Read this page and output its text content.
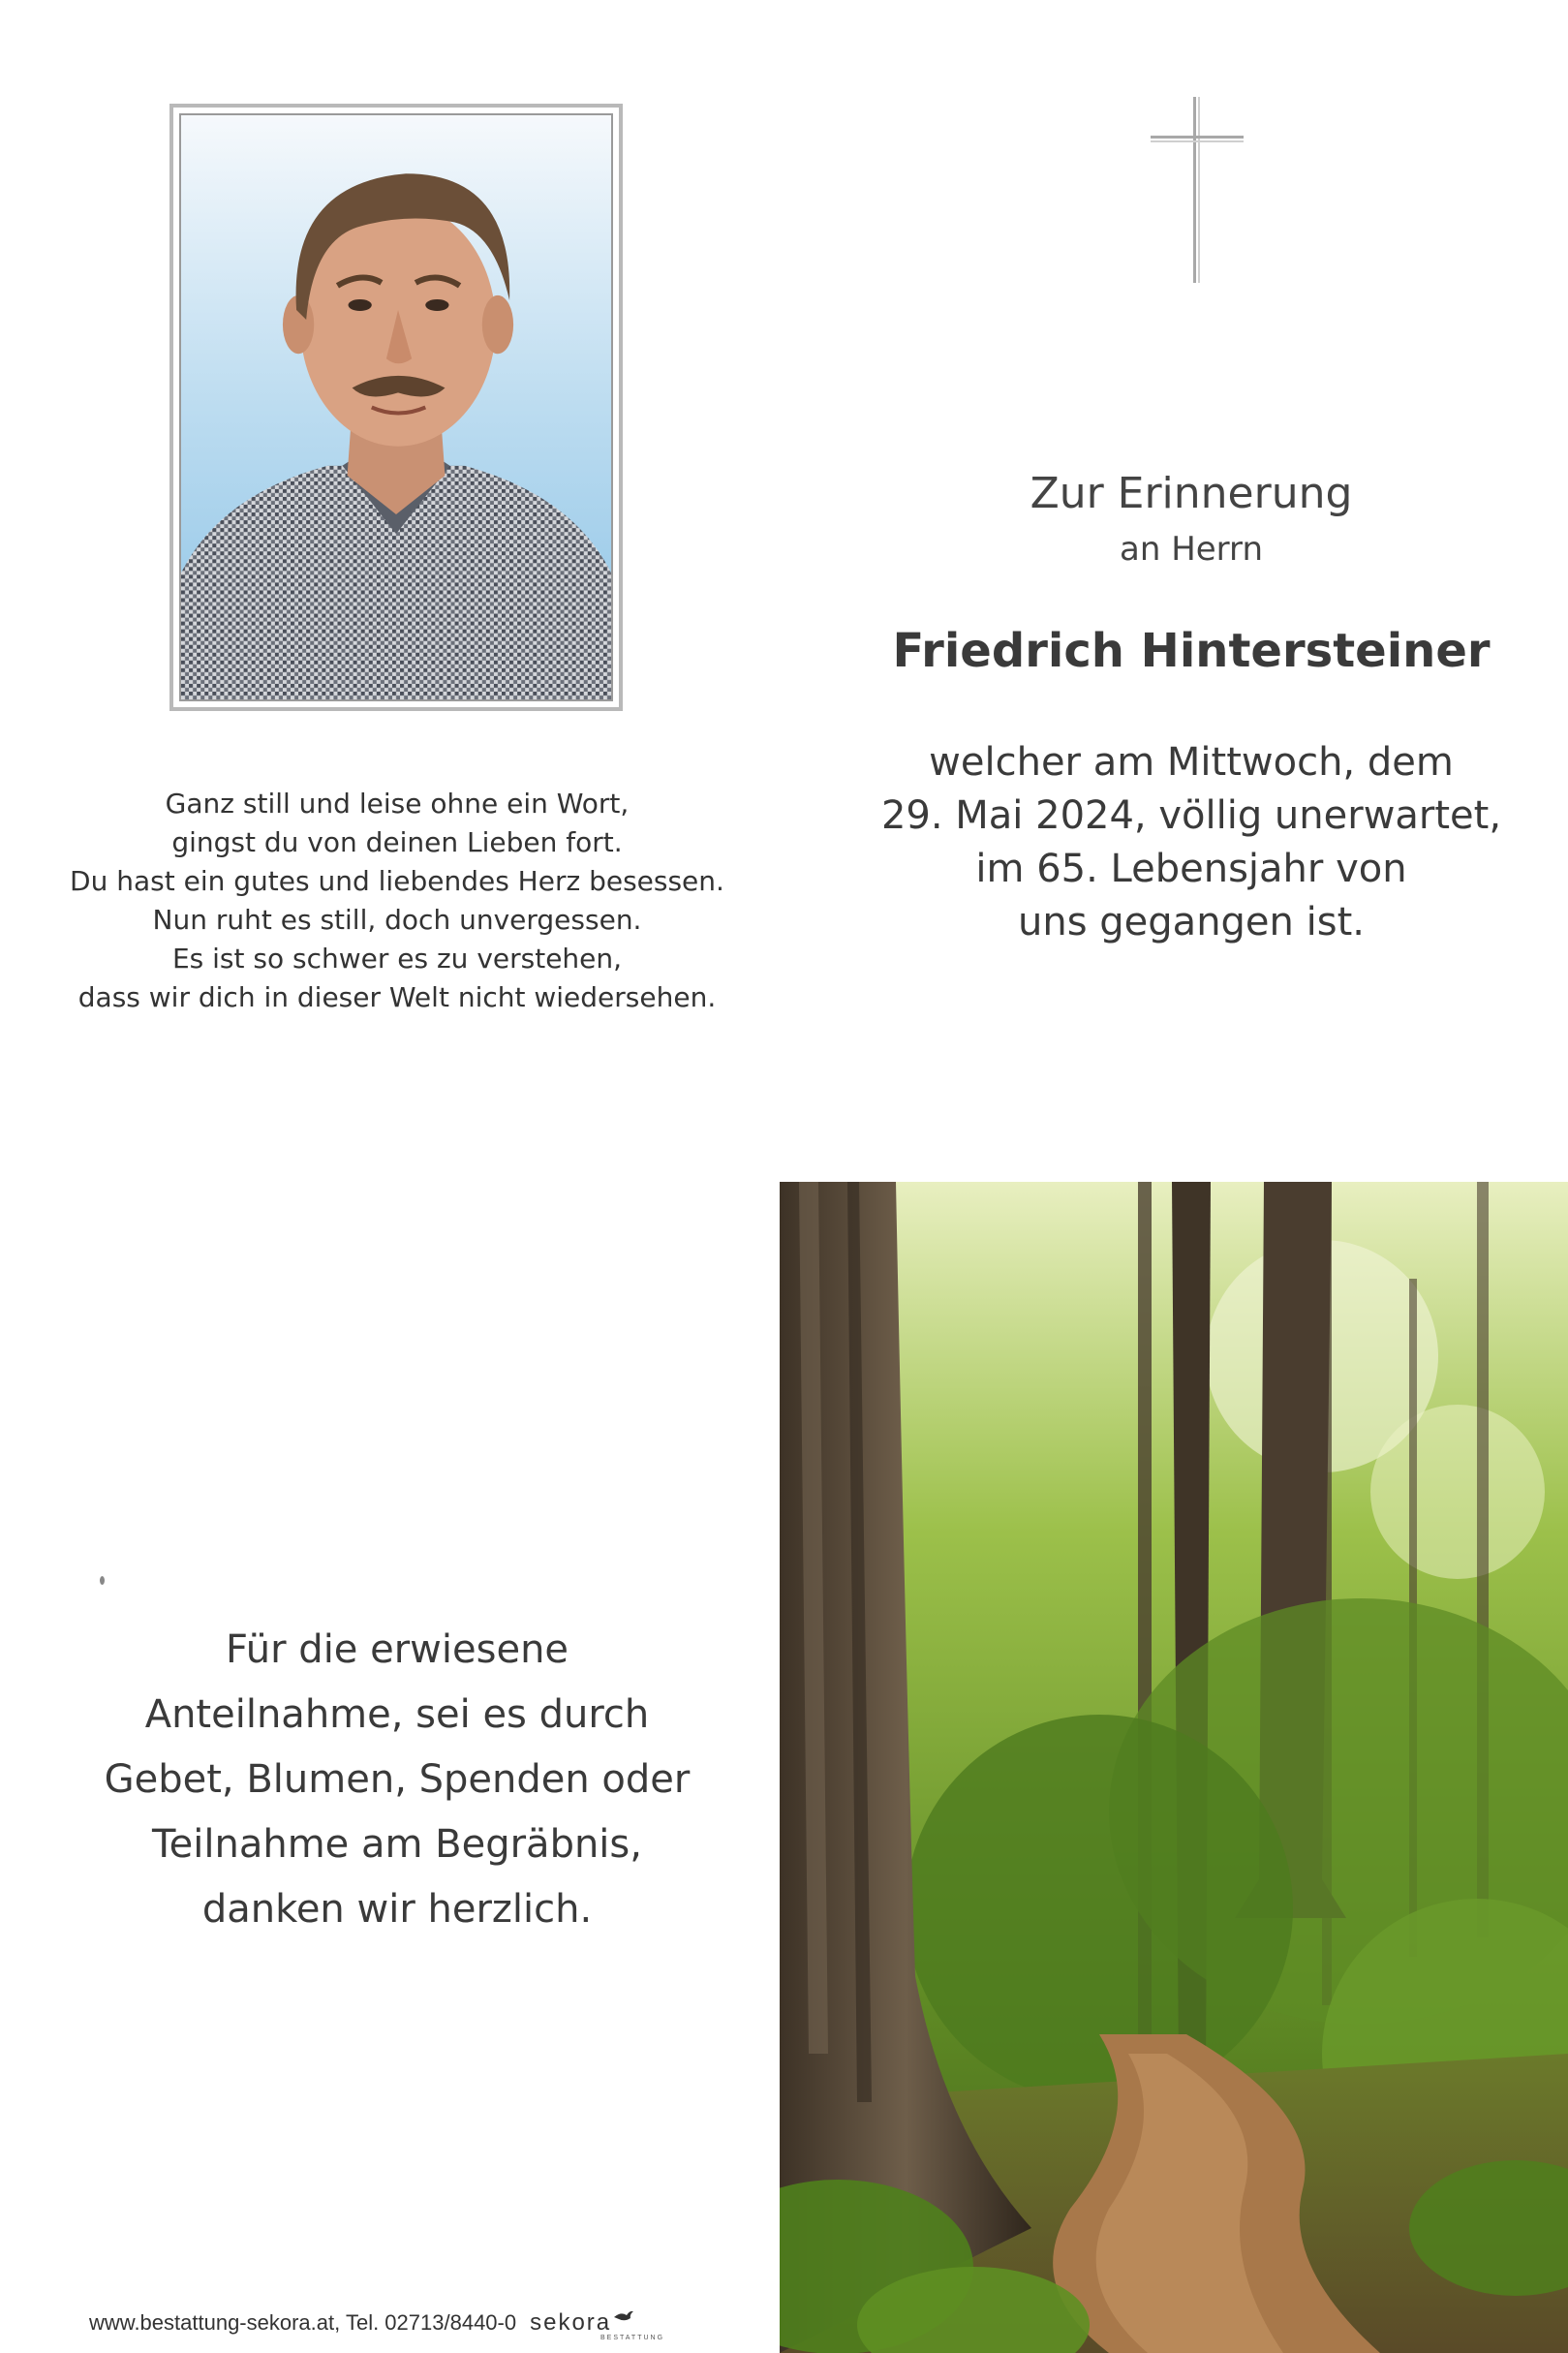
Zur Erinnerung
an Herrn
Friedrich Hintersteiner
welcher am Mittwoch, dem
29. Mai 2024, völlig unerwartet,
im 65. Lebensjahr von
uns gegangen ist.
Ganz still und leise ohne ein Wort,
gingst du von deinen Lieben fort.
Du hast ein gutes und liebendes Herz besessen.
Nun ruht es still, doch unvergessen.
Es ist so schwer es zu verstehen,
dass wir dich in dieser Welt nicht wiedersehen.
Für die erwiesene
Anteilnahme, sei es durch
Gebet, Blumen, Spenden oder
Teilnahme am Begräbnis,
danken wir herzlich.
www.bestattung-sekora.at, Tel. 02713/8440-0 sekora
BESTATTUNG
